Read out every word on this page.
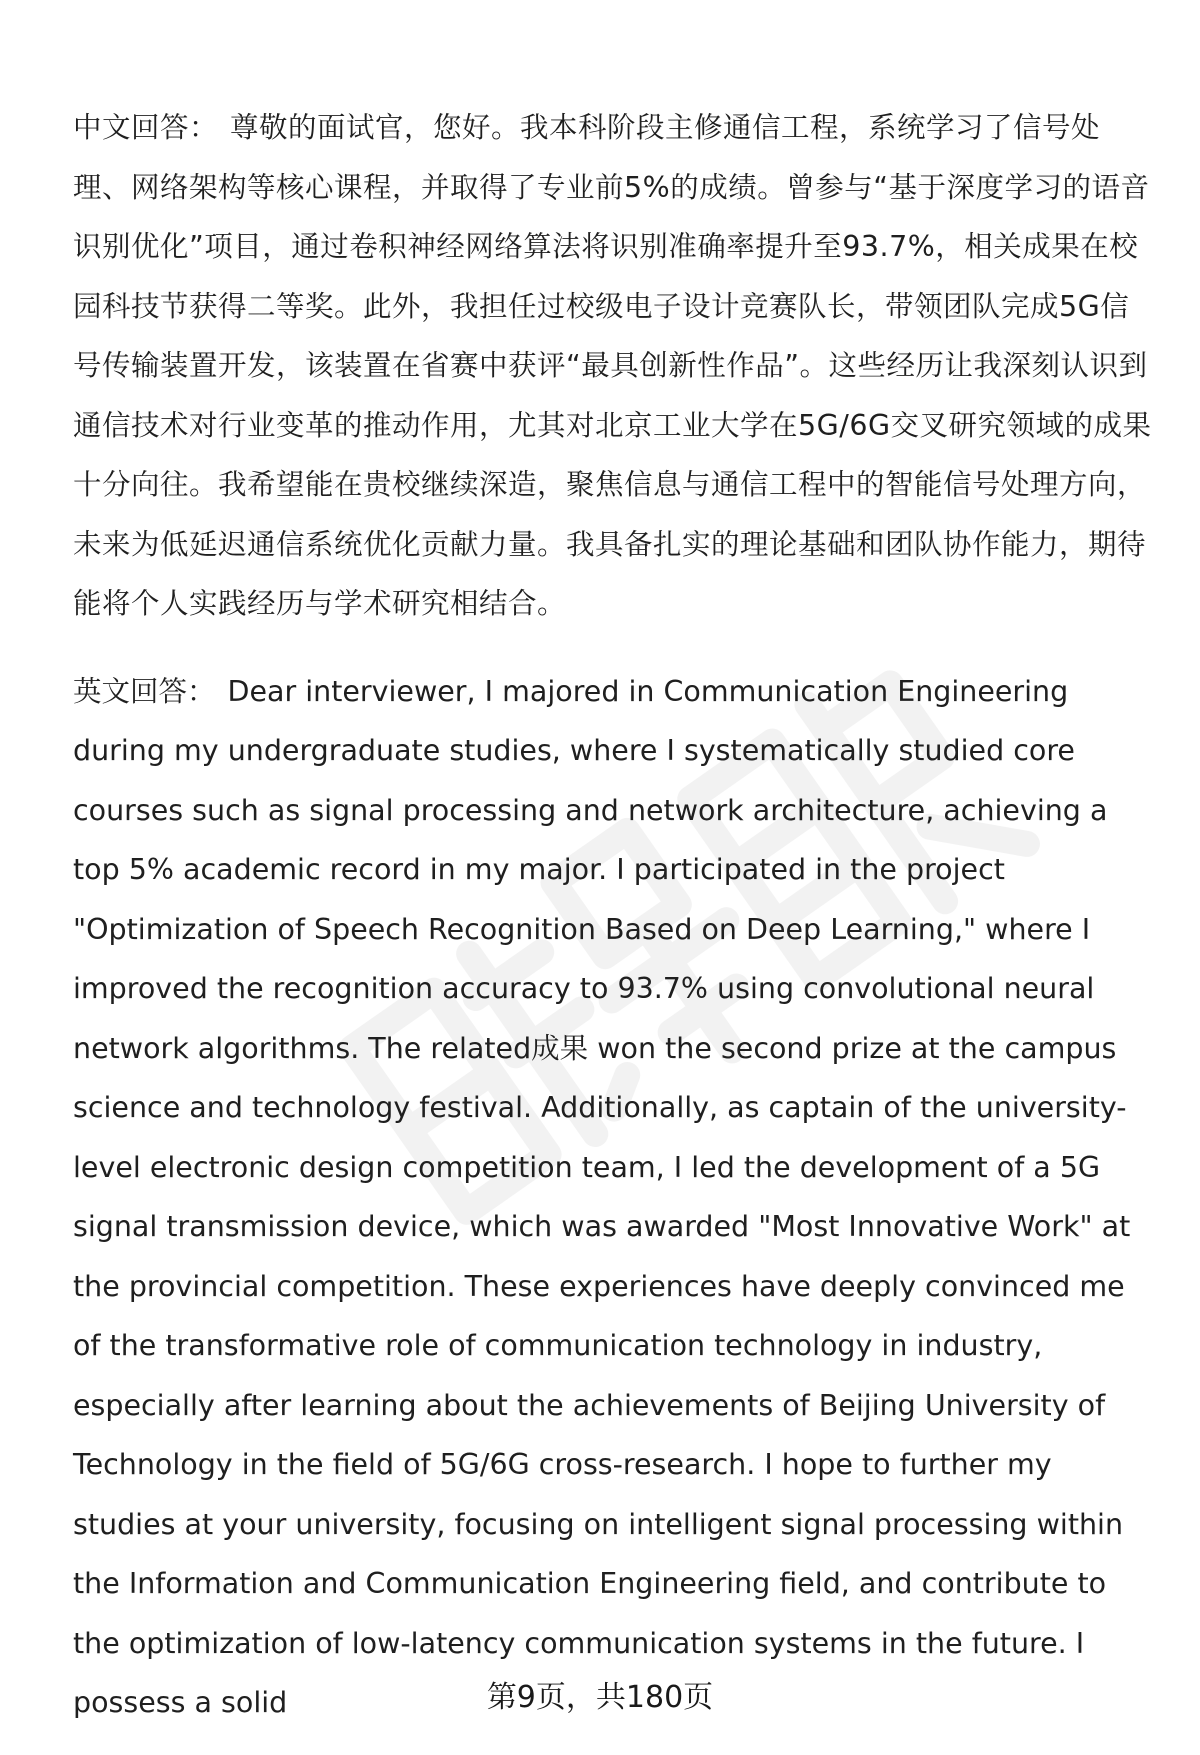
中文回答： 尊敬的面试官，您好。我本科阶段主修通信工程，系统学习了信号处理、网络架构等核心课程，并取得了专业前5%的成绩。曾参与“基于深度学习的语音识别优化”项目，通过卷积神经网络算法将识别准确率提升至93.7%，相关成果在校园科技节获得二等奖。此外，我担任过校级电子设计竞赛队长，带领团队完成5G信号传输装置开发，该装置在省赛中获评“最具创新性作品”。这些经历让我深刻认识到通信技术对行业变革的推动作用，尤其对北京工业大学在5G/6G交叉研究领域的成果十分向往。我希望能在贵校继续深造，聚焦信息与通信工程中的智能信号处理方向，未来为低延迟通信系统优化贡献力量。我具备扎实的理论基础和团队协作能力，期待能将个人实践经历与学术研究相结合。

英文回答： Dear interviewer, I majored in Communication Engineering during my undergraduate studies, where I systematically studied core courses such as signal processing and network architecture, achieving a top 5% academic record in my major. I participated in the project "Optimization of Speech Recognition Based on Deep Learning," where I improved the recognition accuracy to 93.7% using convolutional neural network algorithms. The related成果 won the second prize at the campus science and technology festival. Additionally, as captain of the university-level electronic design competition team, I led the development of a 5G signal transmission device, which was awarded "Most Innovative Work" at the provincial competition. These experiences have deeply convinced me of the transformative role of communication technology in industry, especially after learning about the achievements of Beijing University of Technology in the field of 5G/6G cross-research. I hope to further my studies at your university, focusing on intelligent signal processing within the Information and Communication Engineering field, and contribute to the optimization of low-latency communication systems in the future. I possess a solid	第9页，共180页
